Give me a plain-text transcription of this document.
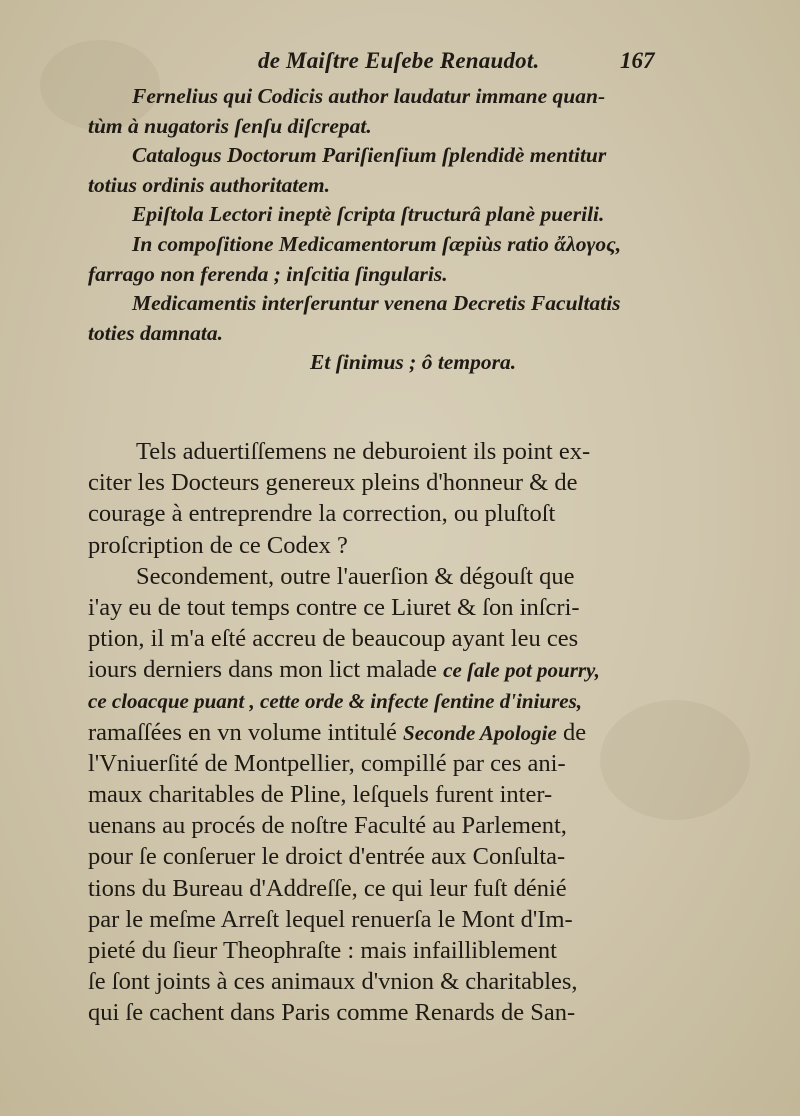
de Maiſtre Euſebe Renaudot.	167
Fernelius qui Codicis author laudatur immane quan-
tùm à nugatoris ſenſu diſcrepat.
Catalogus Doctorum Pariſienſium ſplendidè mentitur
totius ordinis authoritatem.
Epiſtola Lectori ineptè ſcripta ſtructurâ planè puerili.
In compoſitione Medicamentorum ſæpiùs ratio ἄλογος,
farrago non ferenda ; inſcitia ſingularis.
Medicamentis interſeruntur venena Decretis Facultatis
toties damnata.
Et ſinimus ; ô tempora.
Tels aduertiſſemens ne deburoient ils point ex-
citer les Docteurs genereux pleins d'honneur & de
courage à entreprendre la correction, ou pluſtoſt
proſcription de ce Codex ?
Secondement, outre l'auerſion & dégouſt que
i'ay eu de tout temps contre ce Liuret & ſon inſcri-
ption, il m'a eſté accreu de beaucoup ayant leu ces
iours derniers dans mon lict malade ce ſale pot pourry,
ce cloacque puant , cette orde & infecte ſentine d'iniures,
ramaſſées en vn volume intitulé Seconde Apologie de
l'Vniuerſité de Montpellier, compillé par ces ani-
maux charitables de Pline, leſquels furent inter-
uenans au procés de noſtre Faculté au Parlement,
pour ſe conſeruer le droict d'entrée aux Conſulta-
tions du Bureau d'Addreſſe, ce qui leur fuſt dénié
par le meſme Arreſt lequel renuerſa le Mont d'Im-
pieté du ſieur Theophraſte : mais infailliblement
ſe ſont joints à ces animaux d'vnion & charitables,
qui ſe cachent dans Paris comme Renards de San-
